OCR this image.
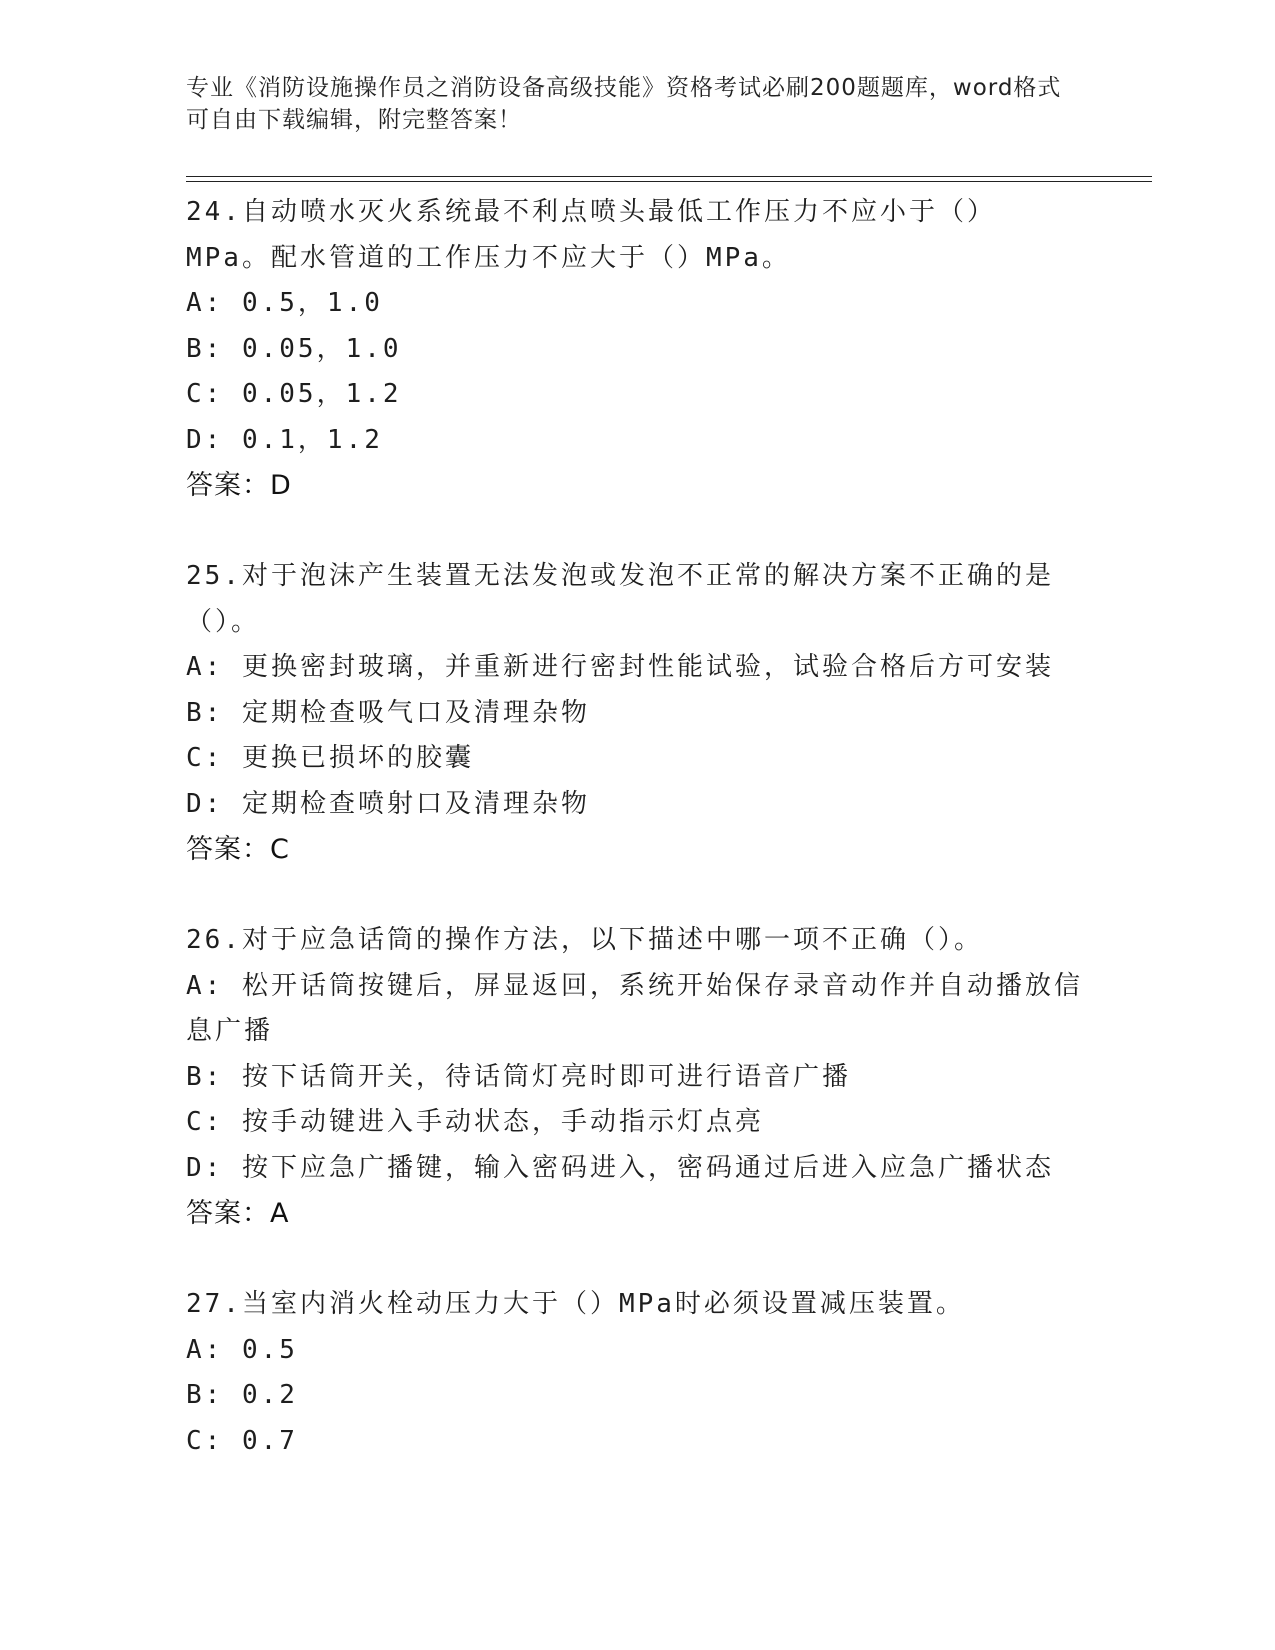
专业《消防设施操作员之消防设备高级技能》资格考试必刷200题题库，word格式可自由下载编辑，附完整答案！
24.自动喷水灭火系统最不利点喷头最低工作压力不应小于（）MPa。配水管道的工作压力不应大于（）MPa。
A: 0.5，1.0
B: 0.05，1.0
C: 0.05，1.2
D: 0.1，1.2
答案：D
25.对于泡沫产生装置无法发泡或发泡不正常的解决方案不正确的是（）。
A: 更换密封玻璃，并重新进行密封性能试验，试验合格后方可安装
B: 定期检查吸气口及清理杂物
C: 更换已损坏的胶囊
D: 定期检查喷射口及清理杂物
答案：C
26.对于应急话筒的操作方法，以下描述中哪一项不正确（）。
A: 松开话筒按键后，屏显返回，系统开始保存录音动作并自动播放信息广播
B: 按下话筒开关，待话筒灯亮时即可进行语音广播
C: 按手动键进入手动状态，手动指示灯点亮
D: 按下应急广播键，输入密码进入，密码通过后进入应急广播状态
答案：A
27.当室内消火栓动压力大于（）MPa时必须设置减压装置。
A: 0.5
B: 0.2
C: 0.7
